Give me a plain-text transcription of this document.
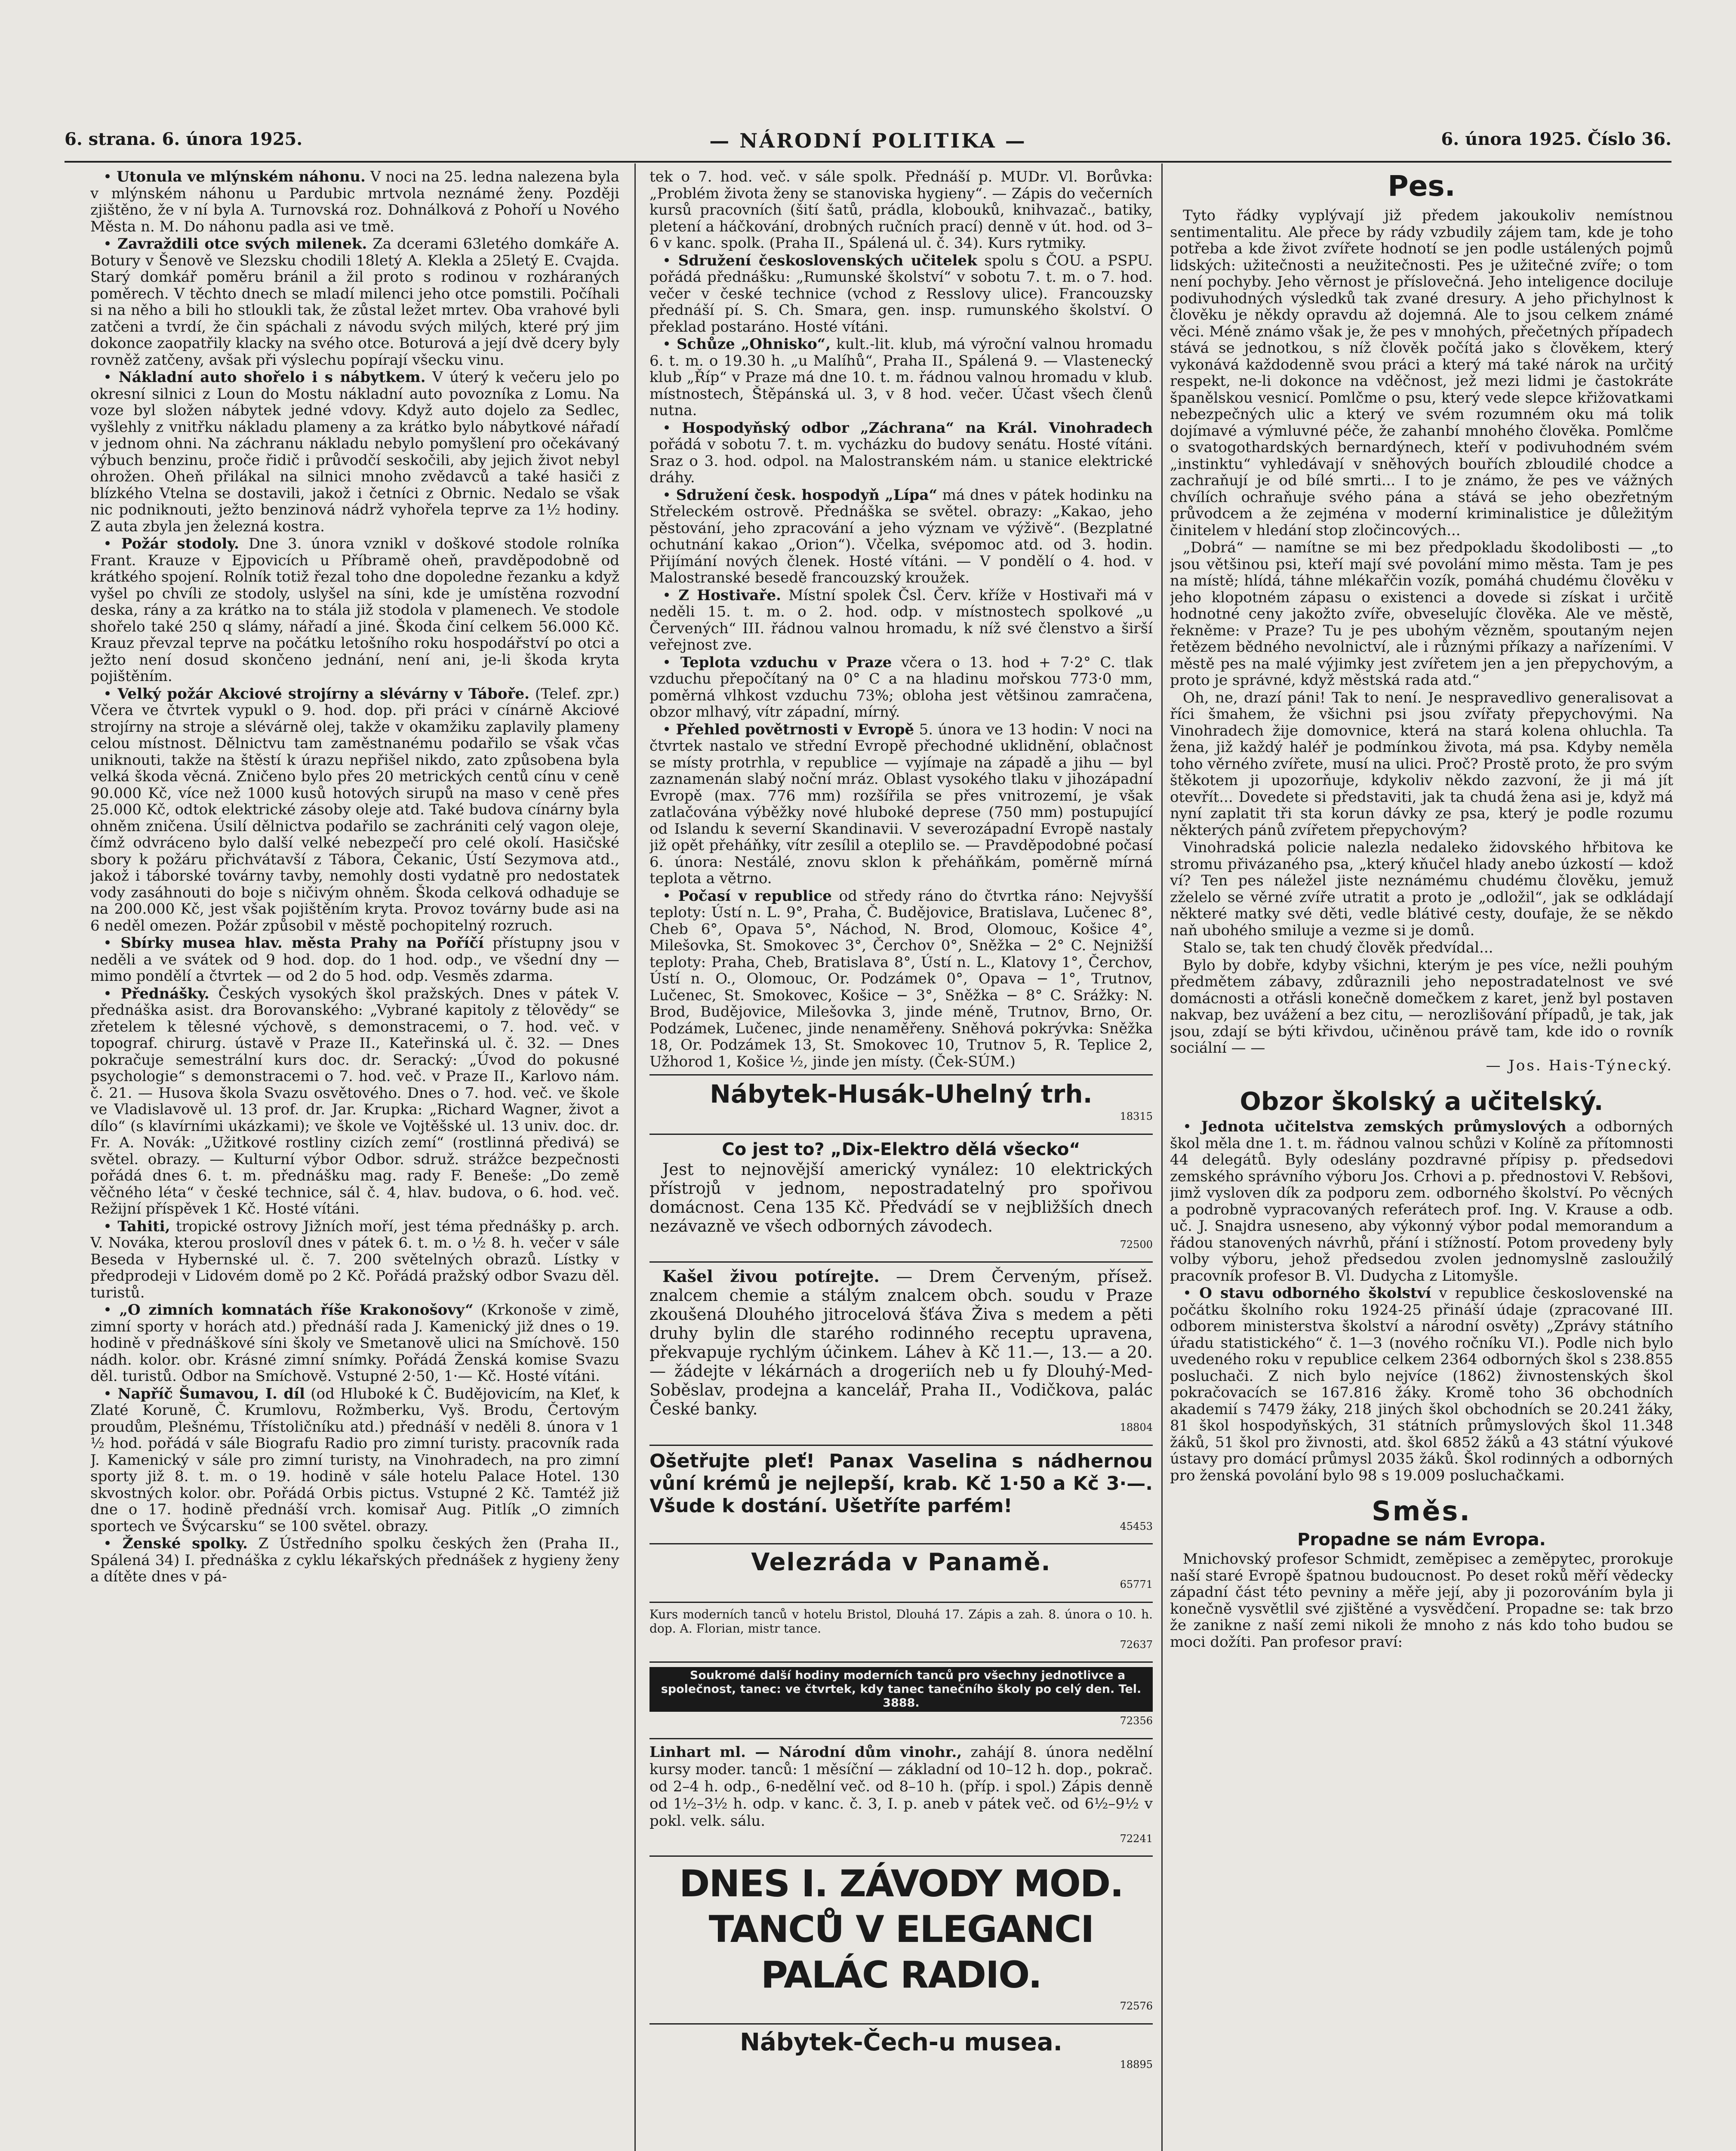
6. strana. 6. února 1925.	— NÁRODNÍ POLITIKA —	6. února 1925. Číslo 36.

• Utonula ve mlýnském náhonu. V noci na 25. ledna nalezena byla v mlýnském náhonu u Pardubic mrtvola neznámé ženy. Později zjištěno, že v ní byla A. Turnovská roz. Dohnálková z Pohoří u Nového Města n. M. Do náhonu padla asi ve tmě.

• Zavraždili otce svých milenek. Za dcerami 63letého domkáře A. Botury v Šenově ve Slezsku chodili 18letý A. Klekla a 25letý E. Cvajda. Starý domkář poměru bránil a žil proto s rodinou v rozháraných poměrech. V těchto dnech se mladí milenci jeho otce pomstili. Počíhali si na něho a bili ho stloukli tak, že zůstal ležet mrtev. Oba vrahové byli zatčeni a tvrdí, že čin spáchali z návodu svých milých, které prý jim dokonce zaopatřily klacky na svého otce. Boturová a její dvě dcery byly rovněž zatčeny, avšak při výslechu popírají všecku vinu.

• Nákladní auto shořelo i s nábytkem. V úterý k večeru jelo po okresní silnici z Loun do Mostu nákladní auto povozníka z Lomu. Na voze byl složen nábytek jedné vdovy. Když auto dojelo za Sedlec, vyšlehly z vnitřku nákladu plameny a za krátko bylo nábytkové nářadí v jednom ohni. Na záchranu nákladu nebylo pomyšlení pro očekávaný výbuch benzinu, proče řidič i průvodčí seskočili, aby jejich život nebyl ohrožen. Oheň přilákal na silnici mnoho zvědavců a také hasiči z blízkého Vtelna se dostavili, jakož i četníci z Obrnic. Nedalo se však nic podniknouti, ježto benzinová nádrž vyhořela teprve za 1½ hodiny. Z auta zbyla jen železná kostra.

• Požár stodoly. Dne 3. února vznikl v doškové stodole rolníka Frant. Krauze v Ejpovicích u Příbramě oheň, pravděpodobně od krátkého spojení. Rolník totiž řezal toho dne dopoledne řezanku a když vyšel po chvíli ze stodoly, uslyšel na síni, kde je umístěna rozvodní deska, rány a za krátko na to stála již stodola v plamenech. Ve stodole shořelo také 250 q slámy, nářadí a jiné. Škoda činí celkem 56.000 Kč. Krauz převzal teprve na počátku letošního roku hospodářství po otci a ježto není dosud skončeno jednání, není ani, je-li škoda kryta pojištěním.

• Velký požár Akciové strojírny a slévárny v Táboře. (Telef. zpr.) Včera ve čtvrtek vypukl o 9. hod. dop. při práci v cínárně Akciové strojírny na stroje a slévárně olej, takže v okamžiku zaplavily plameny celou místnost. Dělnictvu tam zaměstnanému podařilo se však včas uniknouti, takže na štěstí k úrazu nepřišel nikdo, zato způsobena byla velká škoda věcná. Zničeno bylo přes 20 metrických centů cínu v ceně 90.000 Kč, více než 1000 kusů hotových sirupů na maso v ceně přes 25.000 Kč, odtok elektrické zásoby oleje atd. Také budova cínárny byla ohněm zničena. Úsilí dělnictva podařilo se zachrániti celý vagon oleje, čímž odvráceno bylo další velké nebezpečí pro celé okolí. Hasičské sbory k požáru přichvátavší z Tábora, Čekanic, Ústí Sezymova atd., jakož i táborské továrny tavby, nemohly dosti vydatně pro nedostatek vody zasáhnouti do boje s ničivým ohněm. Škoda celková odhaduje se na 200.000 Kč, jest však pojištěním kryta. Provoz továrny bude asi na 6 neděl omezen. Požár způsobil v městě pochopitelný rozruch.

• Sbírky musea hlav. města Prahy na Poříčí přístupny jsou v neděli a ve svátek od 9 hod. dop. do 1 hod. odp., ve všední dny — mimo pondělí a čtvrtek — od 2 do 5 hod. odp. Vesměs zdarma.

• Přednášky. Českých vysokých škol pražských. Dnes v pátek V. přednáška asist. dra Borovanského: „Vybrané kapitoly z tělovědy“ se zřetelem k tělesné výchově, s demonstracemi, o 7. hod. več. v topograf. chirurg. ústavě v Praze II., Kateřinská ul. č. 32. — Dnes pokračuje semestrální kurs doc. dr. Seracký: „Úvod do pokusné psychologie“ s demonstracemi o 7. hod. več. v Praze II., Karlovo nám. č. 21. — Husova škola Svazu osvětového. Dnes o 7. hod. več. ve škole ve Vladislavově ul. 13 prof. dr. Jar. Krupka: „Richard Wagner, život a dílo“ (s klavírními ukázkami); ve škole ve Vojtěšské ul. 13 univ. doc. dr. Fr. A. Novák: „Užitkové rostliny cizích zemí“ (rostlinná předivá) se světel. obrazy. — Kulturní výbor Odbor. sdruž. strážce bezpečnosti pořádá dnes 6. t. m. přednášku mag. rady F. Beneše: „Do země věčného léta“ v české technice, sál č. 4, hlav. budova, o 6. hod. več. Režijní příspěvek 1 Kč. Hosté vítáni.

• Tahiti, tropické ostrovy Jižních moří, jest téma přednášky p. arch. V. Nováka, kterou proslovíl dnes v pátek 6. t. m. o ½ 8. h. večer v sále Beseda v Hybernské ul. č. 7. 200 světelných obrazů. Lístky v předprodeji v Lidovém domě po 2 Kč. Pořádá pražský odbor Svazu děl. turistů.

• „O zimních komnatách říše Krakonošovy“ (Krkonoše v zimě, zimní sporty v horách atd.) přednáší rada J. Kamenický již dnes o 19. hodině v přednáškové síni školy ve Smetanově ulici na Smíchově. 150 nádh. kolor. obr. Krásné zimní snímky. Pořádá Ženská komise Svazu děl. turistů. Odbor na Smíchově. Vstupné 2·50, 1·— Kč. Hosté vítáni.

• Napříč Šumavou, I. díl (od Hluboké k Č. Budějovicím, na Kleť, k Zlaté Koruně, Č. Krumlovu, Rožmberku, Vyš. Brodu, Čertovým proudům, Plešnému, Třístoličníku atd.) přednáší v neděli 8. února v 1 ½ hod. pořádá v sále Biografu Radio pro zimní turisty. pracovník rada J. Kamenický v sále pro zimní turisty, na Vinohradech, na pro zimní sporty již 8. t. m. o 19. hodině v sále hotelu Palace Hotel. 130 skvostných kolor. obr. Pořádá Orbis pictus. Vstupné 2 Kč. Tamtéž již dne o 17. hodině přednáší vrch. komisař Aug. Pitlík „O zimních sportech ve Švýcarsku“ se 100 světel. obrazy.

• Ženské spolky. Z Ústředního spolku českých žen (Praha II., Spálená 34) I. přednáška z cyklu lékařských přednášek z hygieny ženy a dítěte dnes v pá-

tek o 7. hod. več. v sále spolk. Přednáší p. MUDr. Vl. Borůvka: „Problém života ženy se stanoviska hygieny“. — Zápis do večerních kursů pracovních (šití šatů, prádla, klobouků, knihvazač., batiky, pletení a háčkování, drobných ručních prací) denně v út. hod. od 3–6 v kanc. spolk. (Praha II., Spálená ul. č. 34). Kurs rytmiky.

• Sdružení československých učitelek spolu s ČOU. a PSPU. pořádá přednášku: „Rumunské školství“ v sobotu 7. t. m. o 7. hod. večer v české technice (vchod z Resslovy ulice). Francouzsky přednáší pí. S. Ch. Smara, gen. insp. rumunského školství. O překlad postaráno. Hosté vítáni.

• Schůze „Ohnisko“, kult.-lit. klub, má výroční valnou hromadu 6. t. m. o 19.30 h. „u Malíhů“, Praha II., Spálená 9. — Vlastenecký klub „Říp“ v Praze má dne 10. t. m. řádnou valnou hromadu v klub. místnostech, Štěpánská ul. 3, v 8 hod. večer. Účast všech členů nutna.

• Hospodyňský odbor „Záchrana“ na Král. Vinohradech pořádá v sobotu 7. t. m. vycházku do budovy senátu. Hosté vítáni. Sraz o 3. hod. odpol. na Malostranském nám. u stanice elektrické dráhy.

• Sdružení česk. hospodyň „Lípa“ má dnes v pátek hodinku na Střeleckém ostrově. Přednáška se světel. obrazy: „Kakao, jeho pěstování, jeho zpracování a jeho význam ve výživě“. (Bezplatné ochutnání kakao „Orion“). Včelka, svépomoc atd. od 3. hodin. Přijímání nových členek. Hosté vítáni. — V pondělí o 4. hod. v Malostranské besedě francouzský kroužek.

• Z Hostivaře. Místní spolek Čsl. Červ. kříže v Hostivaři má v neděli 15. t. m. o 2. hod. odp. v místnostech spolkové „u Červených“ III. řádnou valnou hromadu, k níž své členstvo a širší veřejnost zve.

• Teplota vzduchu v Praze včera o 13. hod + 7·2° C. tlak vzduchu přepočítaný na 0° C a na hladinu mořskou 773·0 mm, poměrná vlhkost vzduchu 73%; obloha jest většinou zamračena, obzor mlhavý, vítr západní, mírný.

• Přehled povětrnosti v Evropě 5. února ve 13 hodin: V noci na čtvrtek nastalo ve střední Evropě přechodné uklidnění, oblačnost se místy protrhla, v republice — vyjímaje na západě a jihu — byl zaznamenán slabý noční mráz. Oblast vysokého tlaku v jihozápadní Evropě (max. 776 mm) rozšířila se přes vnitrozemí, je však zatlačována výběžky nové hluboké deprese (750 mm) postupující od Islandu k severní Skandinavii. V severozápadní Evropě nastaly již opět přeháňky, vítr zesílil a oteplilo se. — Pravděpodobné počasí 6. února: Nestálé, znovu sklon k přeháňkám, poměrně mírná teplota a větrno.

• Počasí v republice od středy ráno do čtvrtka ráno: Nejvyšší teploty: Ústí n. L. 9°, Praha, Č. Budějovice, Bratislava, Lučenec 8°, Cheb 6°, Opava 5°, Náchod, N. Brod, Olomouc, Košice 4°, Milešovka, St. Smokovec 3°, Čerchov 0°, Sněžka − 2° C. Nejnižší teploty: Praha, Cheb, Bratislava 8°, Ústí n. L., Klatovy 1°, Čerchov, Ústí n. O., Olomouc, Or. Podzámek 0°, Opava − 1°, Trutnov, Lučenec, St. Smokovec, Košice − 3°, Sněžka − 8° C. Srážky: N. Brod, Budějovice, Milešovka 3, jinde méně, Trutnov, Brno, Or. Podzámek, Lučenec, jinde nenaměřeny. Sněhová pokrývka: Sněžka 18, Or. Podzámek 13, St. Smokovec 10, Trutnov 5, R. Teplice 2, Užhorod 1, Košice ½, jinde jen místy. (Ček-SÚM.)

Nábytek-Husák-Uhelný trh.
18315
Co jest to? „Dix-Elektro dělá všecko“

Jest to nejnovější americký vynález: 10 elektrických přístrojů v jednom, nepostradatelný pro spořivou domácnost. Cena 135 Kč. Předvádí se v nejbližších dnech nezávazně ve všech odborných závodech.

72500

Kašel živou potírejte. — Drem Červeným, přísež. znalcem chemie a stálým znalcem obch. soudu v Praze zkoušená Dlouhého jitrocelová šťáva Živa s medem a pěti druhy bylin dle starého rodinného receptu upravena, překvapuje rychlým účinkem. Láhev à Kč 11.—, 13.— a 20.— žádejte v lékárnách a drogeriích neb u fy Dlouhý-Med-Soběslav, prodejna a kancelář, Praha II., Vodičkova, palác České banky.

18804

Ošetřujte pleť! Panax Vaselina s nádhernou vůní krémů je nejlepší, krab. Kč 1·50 a Kč 3·—. Všude k dostání. Ušetříte parfém!

45453
Velezráda v Panamě.
65771

Kurs moderních tanců v hotelu Bristol, Dlouhá 17. Zápis a zah. 8. února o 10. h. dop. A. Florian, mistr tance.

72637

Soukromé další hodiny moderních tanců pro všechny jednotlivce a společnost, tanec: ve čtvrtek, kdy tanec tanečního školy po celý den. Tel. 3888.

72356

Linhart ml. — Národní dům vinohr., zahájí 8. února nedělní kursy moder. tanců: 1 měsíční — základní od 10–12 h. dop., pokrač. od 2–4 h. odp., 6-nedělní več. od 8–10 h. (příp. i spol.) Zápis denně od 1½–3½ h. odp. v kanc. č. 3, I. p. aneb v pátek več. od 6½–9½ v pokl. velk. sálu.

72241
DNES I. ZÁVODY MOD.
TANCŮ V ELEGANCI
PALÁC RADIO.
72576
Nábytek-Čech-u musea.
18895
Pes.

Tyto řádky vyplývají již předem jakoukoliv nemístnou sentimentalitu. Ale přece by rády vzbudily zájem tam, kde je toho potřeba a kde život zvířete hodnotí se jen podle ustálených pojmů lidských: užitečnosti a neužitečnosti. Pes je užitečné zvíře; o tom není pochyby. Jeho věrnost je příslovečná. Jeho inteligence dociluje podivuhodných výsledků tak zvané dresury. A jeho přichylnost k člověku je někdy opravdu až dojemná. Ale to jsou celkem známé věci. Méně známo však je, že pes v mnohých, přečetných případech stává se jednotkou, s níž člověk počítá jako s člověkem, který vykonává každodenně svou práci a který má také nárok na určitý respekt, ne-li dokonce na vděčnost, jež mezi lidmi je častokráte španělskou vesnicí. Pomlčme o psu, který vede slepce křižovatkami nebezpečných ulic a který ve svém rozumném oku má tolik dojímavé a výmluvné péče, že zahanbí mnohého člověka. Pomlčme o svatogothardských bernardýnech, kteří v podivuhodném svém „instinktu“ vyhledávají v sněhových bouřích zbloudilé chodce a zachraňují je od bílé smrti... I to je známo, že pes ve vážných chvílích ochraňuje svého pána a stává se jeho obezřetným průvodcem a že zejména v moderní kriminalistice je důležitým činitelem v hledání stop zločincových...

„Dobrá“ — namítne se mi bez předpokladu škodolibosti — „to jsou většinou psi, kteří mají své povolání mimo města. Tam je pes na místě; hlídá, táhne mlékařčin vozík, pomáhá chudému člověku v jeho klopotném zápasu o existenci a dovede si získat i určitě hodnotné ceny jakožto zvíře, obveselujíc člověka. Ale ve městě, řekněme: v Praze? Tu je pes ubohým vězněm, spoutaným nejen řetězem bědného nevolnictví, ale i různými příkazy a nařízeními. V městě pes na malé výjimky jest zvířetem jen a jen přepychovým, a proto je správné, když městská rada atd.“

Oh, ne, drazí páni! Tak to není. Je nespravedlivo generalisovat a říci šmahem, že všichni psi jsou zvířaty přepychovými. Na Vinohradech žije domovnice, která na stará kolena ohluchla. Ta žena, již každý haléř je podmínkou života, má psa. Kdyby neměla toho věrného zvířete, musí na ulici. Proč? Prostě proto, že pro svým štěkotem ji upozorňuje, kdykoliv někdo zazvoní, že ji má jít otevřít... Dovedete si představiti, jak ta chudá žena asi je, když má nyní zaplatit tři sta korun dávky ze psa, který je podle rozumu některých pánů zvířetem přepychovým?

Vinohradská policie nalezla nedaleko židovského hřbitova ke stromu přivázaného psa, „který kňučel hlady anebo úzkostí — kdož ví? Ten pes náležel jiste neznámému chudému člověku, jemuž zželelo se věrné zvíře utratit a proto je „odložil“, jak se odkládají některé matky své děti, vedle blátivé cesty, doufaje, že se někdo naň ubohého smiluje a vezme si je domů.

Stalo se, tak ten chudý člověk předvídal...

Bylo by dobře, kdyby všichni, kterým je pes více, nežli pouhým předmětem zábavy, zdůraznili jeho nepostradatelnost ve své domácnosti a otřásli konečně domečkem z karet, jenž byl postaven nakvap, bez uvážení a bez citu, — nerozlišování případů, je tak, jak jsou, zdají se býti křivdou, učiněnou právě tam, kde ido o rovník sociální — —

— Jos. Hais-Týnecký.

Obzor školský a učitelský.

• Jednota učitelstva zemských průmyslových a odborných škol měla dne 1. t. m. řádnou valnou schůzi v Kolíně za přítomnosti 44 delegátů. Byly odeslány pozdravné přípisy p. předsedovi zemského správního výboru Jos. Crhovi a p. přednostovi V. Rebšovi, jimž vysloven dík za podporu zem. odborného školství. Po věcných a podrobně vypracovaných referátech prof. Ing. V. Krause a odb. uč. J. Snajdra usneseno, aby výkonný výbor podal memorandum a řádou stanovených návrhů, přání i stížností. Potom provedeny byly volby výboru, jehož předsedou zvolen jednomyslně zasloužilý pracovník profesor B. Vl. Dudycha z Litomyšle.

• O stavu odborného školství v republice československé na počátku školního roku 1924-25 přináší údaje (zpracované III. odborem ministerstva školství a národní osvěty) „Zprávy státního úřadu statistického“ č. 1—3 (nového ročníku VI.). Podle nich bylo uvedeného roku v republice celkem 2364 odborných škol s 238.855 posluchači. Z nich bylo nejvíce (1862) živnostenských škol pokračovacích se 167.816 žáky. Kromě toho 36 obchodních akademií s 7479 žáky, 218 jiných škol obchodních se 20.241 žáky, 81 škol hospodyňských, 31 státních průmyslových škol 11.348 žáků, 51 škol pro živnosti, atd. škol 6852 žáků a 43 státní výukové ústavy pro domácí průmysl 2035 žáků. Škol rodinných a odborných pro ženská povolání bylo 98 s 19.009 posluchačkami.

Směs.
Propadne se nám Evropa.

Mnichovský profesor Schmidt, zeměpisec a zeměpytec, prorokuje naší staré Evropě špatnou budoucnost. Po deset roků měří vědecky západní část této pevniny a měře její, aby ji pozorováním byla ji konečně vysvětlil své zjištěné a vysvědčení. Propadne se: tak brzo že zanikne z naší zemi nikoli že mnoho z nás kdo toho budou se moci dožíti. Pan profesor praví:
